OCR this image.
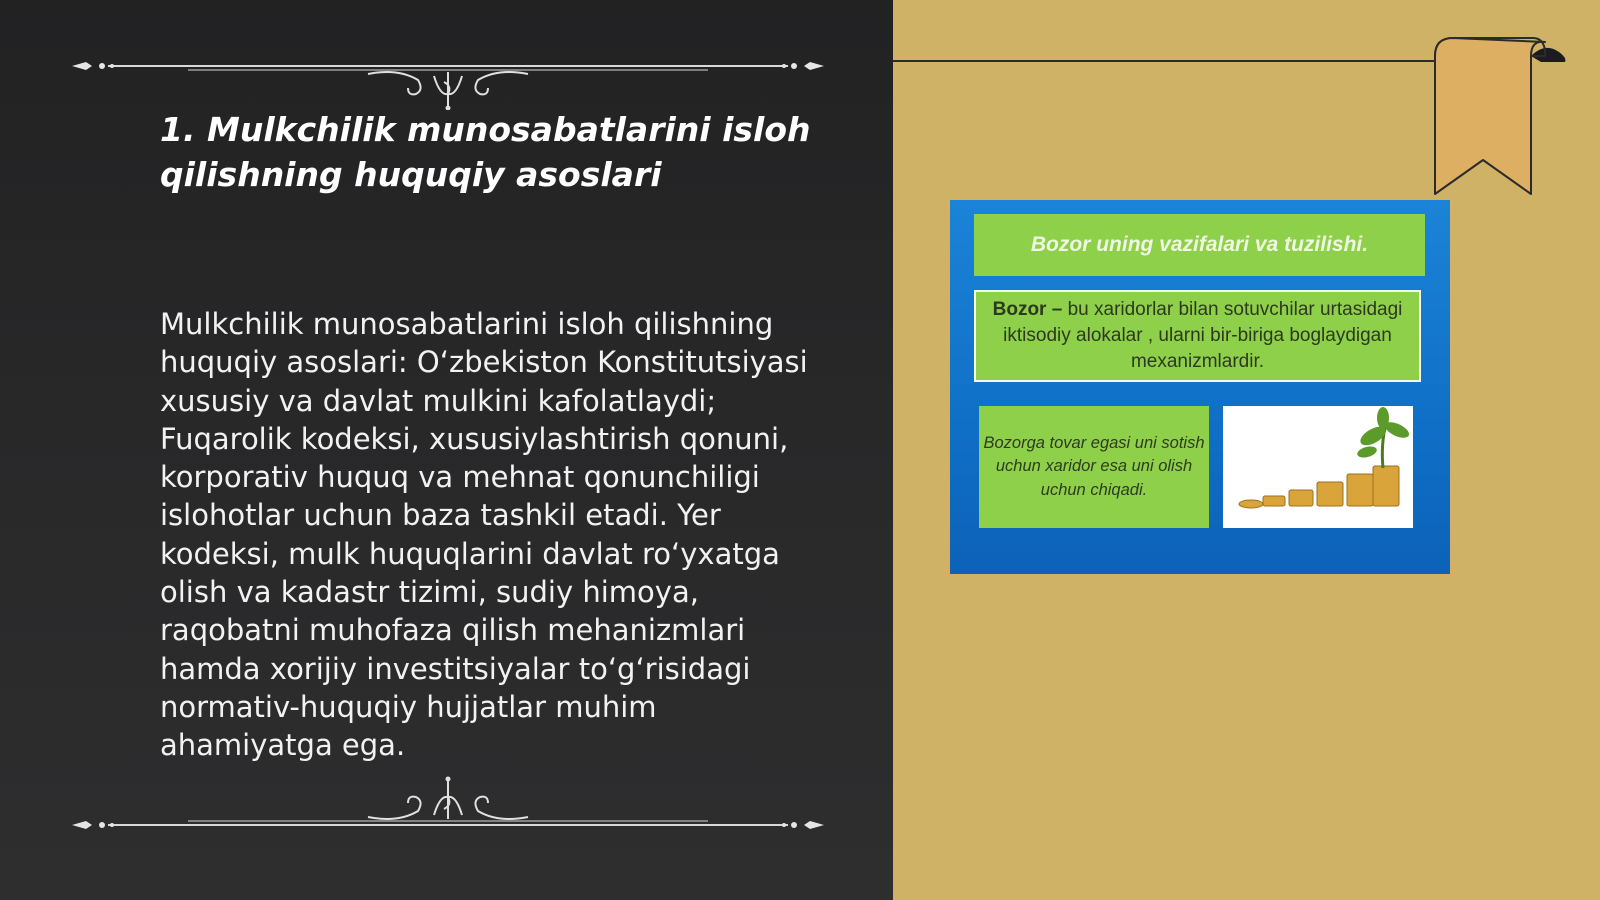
1. Mulkchilik munosabatlarini isloh qilishning huquqiy asoslari

Mulkchilik munosabatlarini isloh qilishning huquqiy asoslari: O‘zbekiston Konstitutsiyasi xususiy va davlat mulkini kafolatlaydi; Fuqarolik kodeksi, xususiylashtirish qonuni, korporativ huquq va mehnat qonunchiligi islohotlar uchun baza tashkil etadi. Yer kodeksi, mulk huquqlarini davlat ro‘yxatga olish va kadastr tizimi, sudiy himoya, raqobatni muhofaza qilish mehanizmlari hamda xorijiy investitsiyalar to‘g‘risidagi normativ-huquqiy hujjatlar muhim ahamiyatga ega.

Bozor uning vazifalari va tuzilishi.
Bozor – bu xaridorlar bilan sotuvchilar urtasidagi iktisodiy alokalar , ularni bir-biriga boglaydigan mexanizmlardir.
Bozorga tovar egasi uni sotish uchun xaridor esa uni olish uchun chiqadi.
